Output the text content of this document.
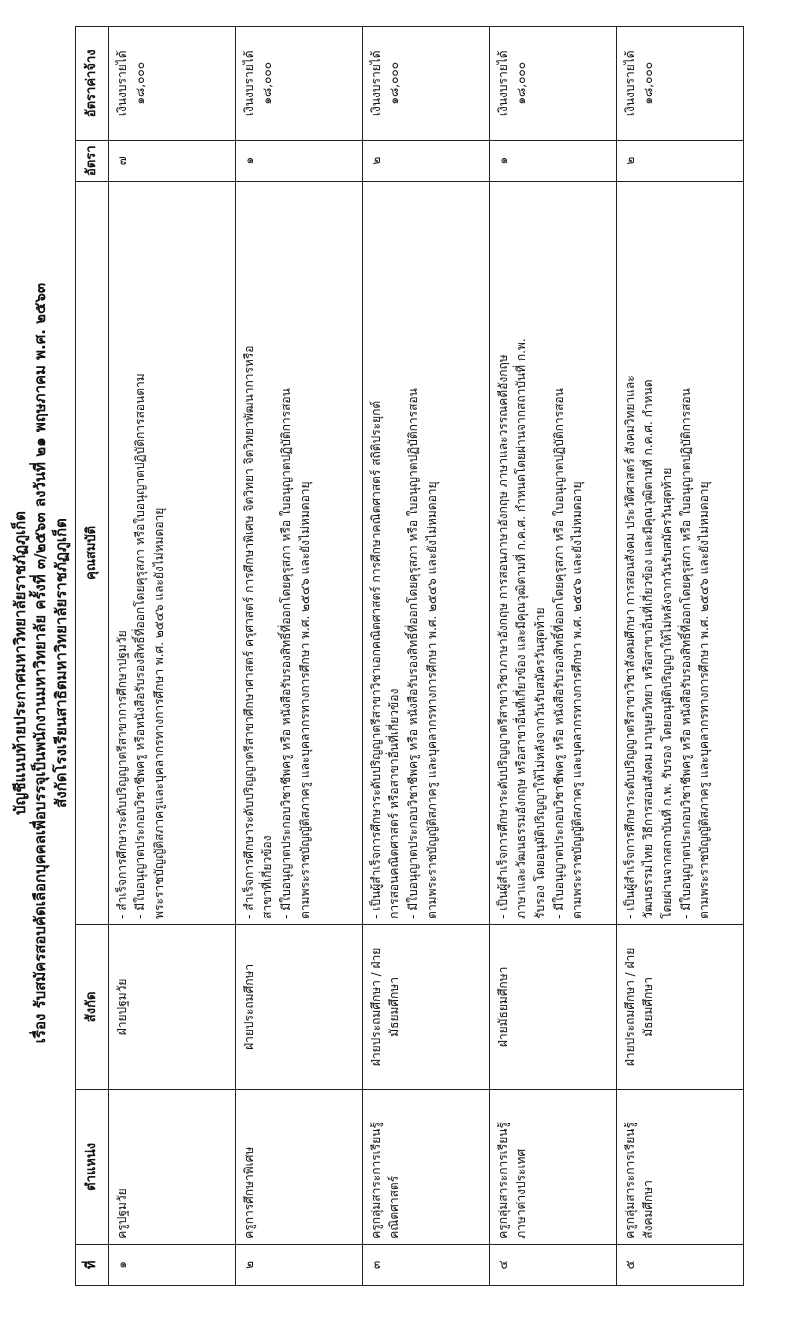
บัญชีแนบท้ายประกาศมหาวิทยาลัยราชภัฏภูเก็ต เรื่อง รับสมัครสอบคัดเลือกบุคคลเพื่อบรรจุเป็นพนักงานมหาวิทยาลัย ครั้งที่ ๓/๒๕๖๓ ลงวันที่ ๒๑ พฤษภาคม พ.ศ. ๒๕๖๓ สังกัดโรงเรียนสาธิตมหาวิทยาลัยราชภัฏภูเก็ต
ที่	ตำแหน่ง	สังกัด	คุณสมบัติ	อัตรา	อัตราค่าจ้าง
๑	ครูปฐมวัย	ฝ่ายปฐมวัย	- สำเร็จการศึกษาระดับปริญญาตรีสาขาการศึกษาปฐมวัย - มีใบอนุญาตประกอบวิชาชีพครู หรือหนังสือรับรองสิทธิ์ที่ออกโดยคุรุสภา หรือใบอนุญาตปฏิบัติการสอนตาม พระราชบัญญัติสภาครูและบุคลากรทางการศึกษา พ.ศ. ๒๕๔๖ และยังไม่หมดอายุ	๗	เงินงบรายได้ ๑๘,๐๐๐

๒	ครูการศึกษาพิเศษ	ฝ่ายประถมศึกษา	- สำเร็จการศึกษาระดับปริญญาตรีสาขาศึกษาศาสตร์ ครุศาสตร์ การศึกษาพิเศษ จิตวิทยา จิตวิทยาพัฒนาการหรือ สาขาที่เกี่ยวข้อง - มีใบอนุญาตประกอบวิชาชีพครู หรือ หนังสือรับรองสิทธิ์ที่ออกโดยคุรุสภา หรือ ใบอนุญาตปฏิบัติการสอน ตามพระราชบัญญัติสภาครู และบุคลากรทางการศึกษา พ.ศ. ๒๕๔๖ และยังไม่หมดอายุ	๑	เงินงบรายได้ ๑๘,๐๐๐

๓	ครูกลุ่มสาระการเรียนรู้ คณิตศาสตร์	ฝ่ายประถมศึกษา / ฝ่ายมัธยมศึกษา	- เป็นผู้สำเร็จการศึกษาระดับปริญญาตรีสาขาวิชาเอกคณิตศาสตร์ การศึกษาคณิตศาสตร์ สถิติประยุกต์ การสอนคณิตศาสตร์ หรือสาขาอื่นที่เกี่ยวข้อง - มีใบอนุญาตประกอบวิชาชีพครู หรือ หนังสือรับรองสิทธิ์ที่ออกโดยคุรุสภา หรือ ใบอนุญาตปฏิบัติการสอน ตามพระราชบัญญัติสภาครู และบุคลากรทางการศึกษา พ.ศ. ๒๕๔๖ และยังไม่หมดอายุ	๒	เงินงบรายได้ ๑๘,๐๐๐

๔	ครูกลุ่มสาระการเรียนรู้ ภาษาต่างประเทศ	ฝ่ายมัธยมศึกษา	- เป็นผู้สำเร็จการศึกษาระดับปริญญาตรีสาขาวิชาภาษาอังกฤษ การสอนภาษาอังกฤษ ภาษาและวรรณคดีอังกฤษ ภาษาและวัฒนธรรมอังกฤษ หรือสาขาอื่นที่เกี่ยวข้อง และมีคุณวุฒิตามที่ ก.ค.ศ. กำหนดโดยผ่านจากสถาบันที่ ก.พ. รับรอง โดยอนุมัติปริญญาให้ไม่หลังจากวันรับสมัครวันสุดท้าย - มีใบอนุญาตประกอบวิชาชีพครู หรือ หนังสือรับรองสิทธิ์ที่ออกโดยคุรุสภา หรือ ใบอนุญาตปฏิบัติการสอน ตามพระราชบัญญัติสภาครู และบุคลากรทางการศึกษา พ.ศ. ๒๕๔๖ และยังไม่หมดอายุ	๑	เงินงบรายได้ ๑๘,๐๐๐

๕	ครูกลุ่มสาระการเรียนรู้ สังคมศึกษา	ฝ่ายประถมศึกษา / ฝ่ายมัธยมศึกษา	- เป็นผู้สำเร็จการศึกษาระดับปริญญาตรีสาขาวิชาสังคมศึกษา การสอนสังคม ประวัติศาสตร์ สังคมวิทยาและ วัฒนธรรมไทย วิธีการสอนสังคม มานุษยวิทยา หรือสาขาอื่นที่เกี่ยวข้อง และมีคุณวุฒิตามที่ ก.ค.ศ. กำหนด โดยผ่านจากสถาบันที่ ก.พ. รับรอง โดยอนุมัติปริญญาให้ไม่หลังจากวันรับสมัครวันสุดท้าย - มีใบอนุญาตประกอบวิชาชีพครู หรือ หนังสือรับรองสิทธิ์ที่ออกโดยคุรุสภา หรือ ใบอนุญาตปฏิบัติการสอน ตามพระราชบัญญัติสภาครู และบุคลากรทางการศึกษา พ.ศ. ๒๕๔๖ และยังไม่หมดอายุ	๒	เงินงบรายได้ ๑๘,๐๐๐
